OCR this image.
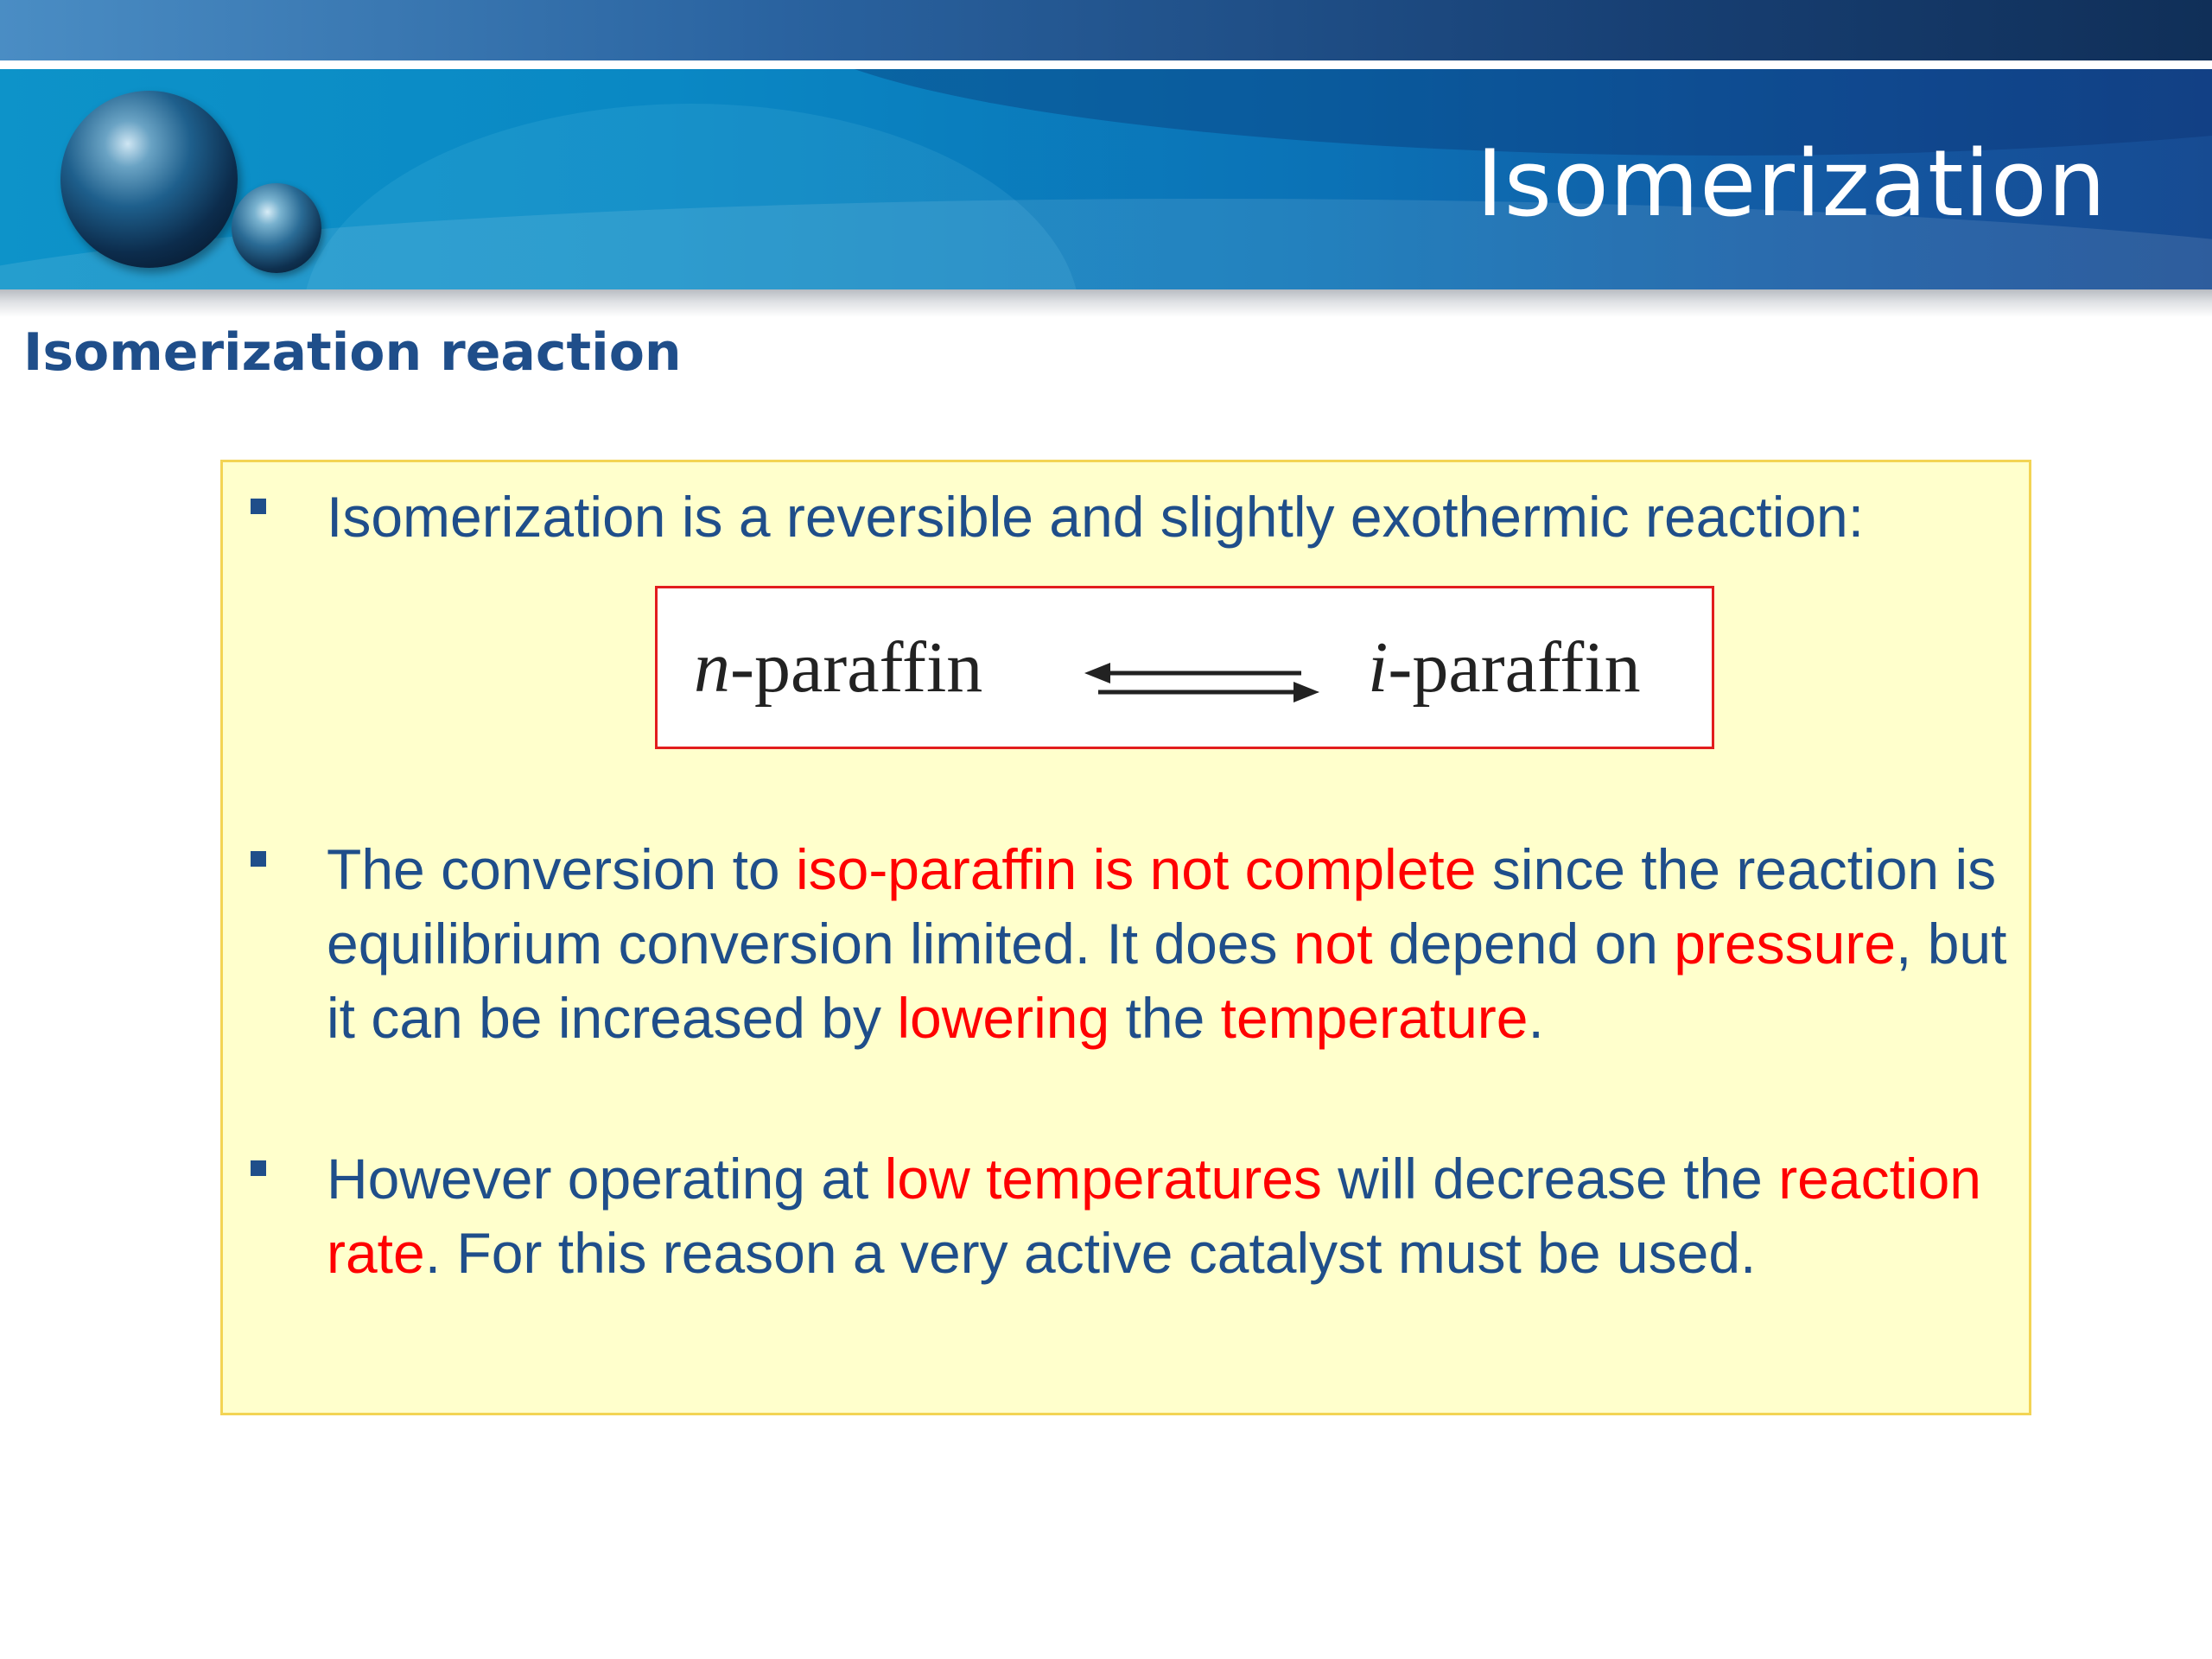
Isomerization
Isomerization reaction
Isomerization is a reversible and slightly exothermic reaction:
n-paraffin	i-paraffin
The conversion to iso-paraffin is not complete since the reaction is equilibrium conversion limited. It does not depend on pressure, but it can be increased by lowering the temperature.
However operating at low temperatures will decrease the reaction rate. For this reason a very active catalyst must be used.
